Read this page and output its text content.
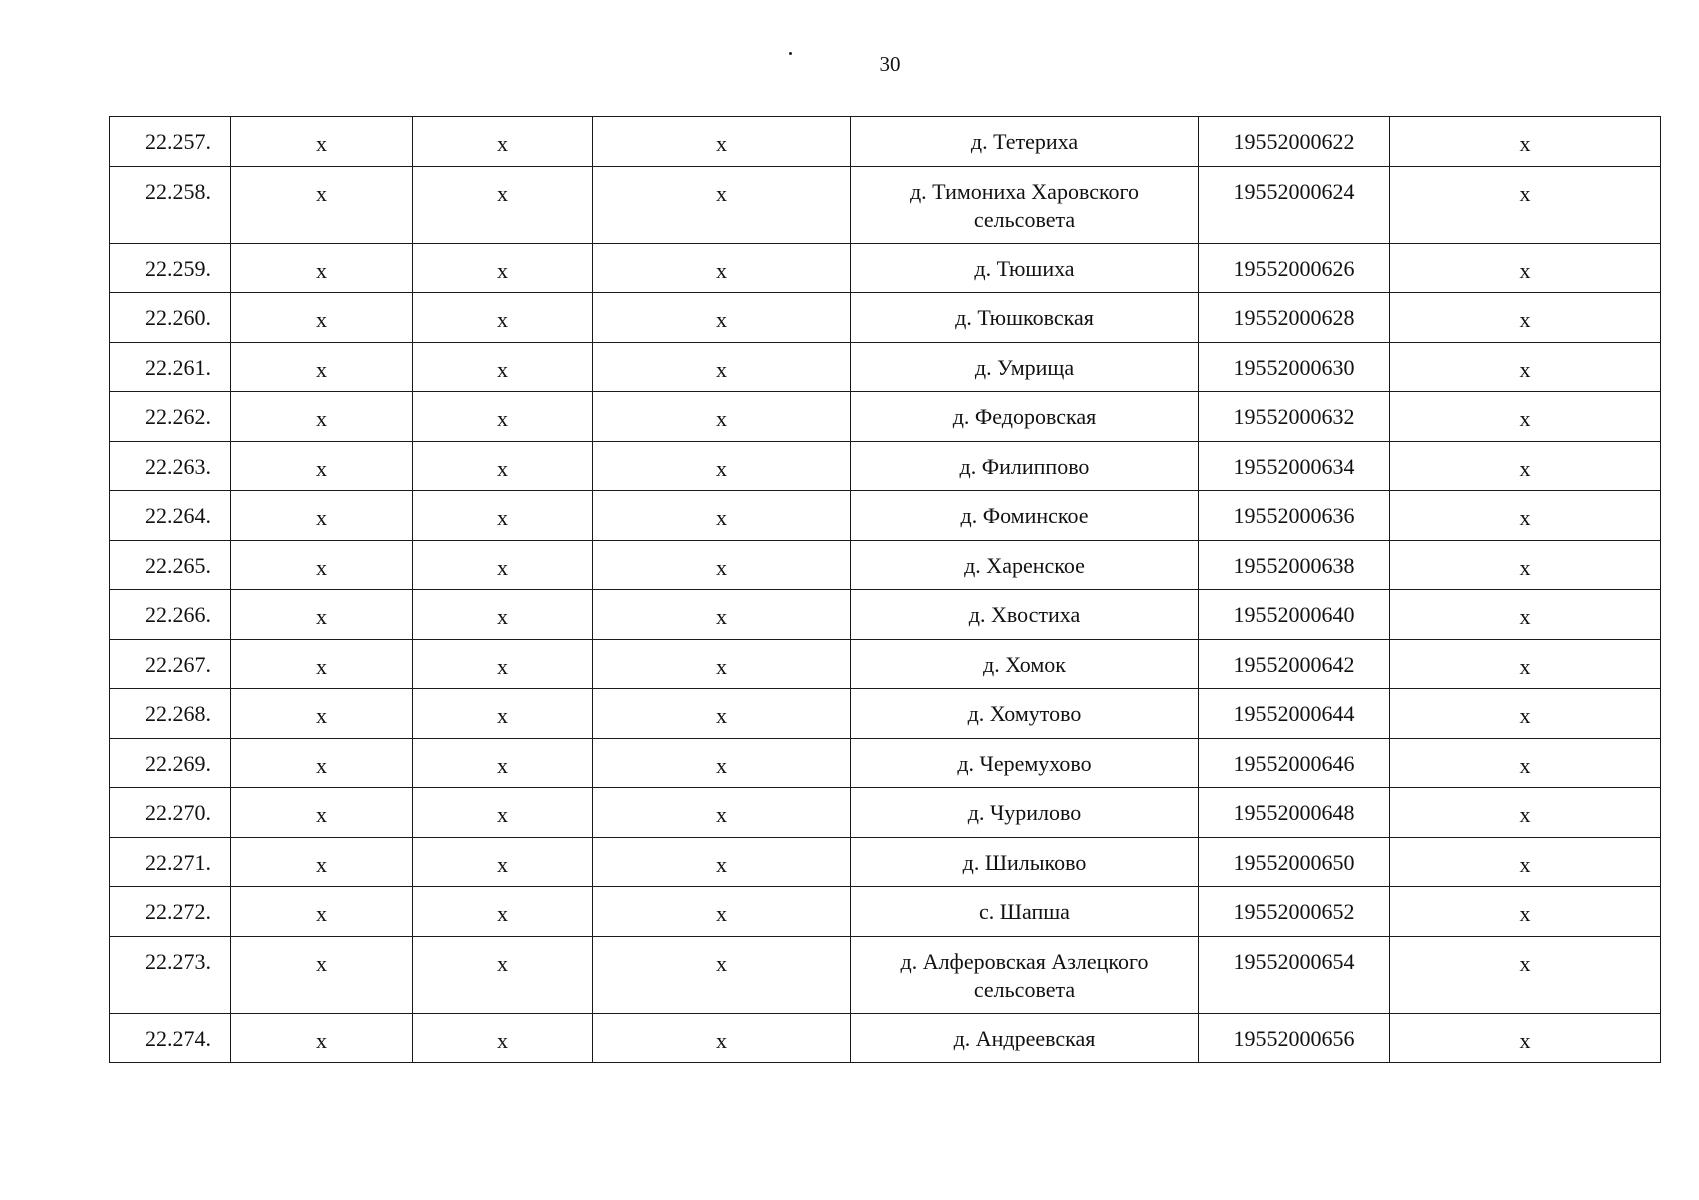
30
22.257.	х	х	х	д. Тетериха	19552000622	х
22.258.	х	х	х	д. Тимониха Харовского сельсовета	19552000624	х
22.259.	х	х	х	д. Тюшиха	19552000626	х
22.260.	х	х	х	д. Тюшковская	19552000628	х
22.261.	х	х	х	д. Умрища	19552000630	х
22.262.	х	х	х	д. Федоровская	19552000632	х
22.263.	х	х	х	д. Филиппово	19552000634	х
22.264.	х	х	х	д. Фоминское	19552000636	х
22.265.	х	х	х	д. Харенское	19552000638	х
22.266.	х	х	х	д. Хвостиха	19552000640	х
22.267.	х	х	х	д. Хомок	19552000642	х
22.268.	х	х	х	д. Хомутово	19552000644	х
22.269.	х	х	х	д. Черемухово	19552000646	х
22.270.	х	х	х	д. Чурилово	19552000648	х
22.271.	х	х	х	д. Шилыково	19552000650	х
22.272.	х	х	х	с. Шапша	19552000652	х
22.273.	х	х	х	д. Алферовская Азлецкого сельсовета	19552000654	х
22.274.	х	х	х	д. Андреевская	19552000656	х
